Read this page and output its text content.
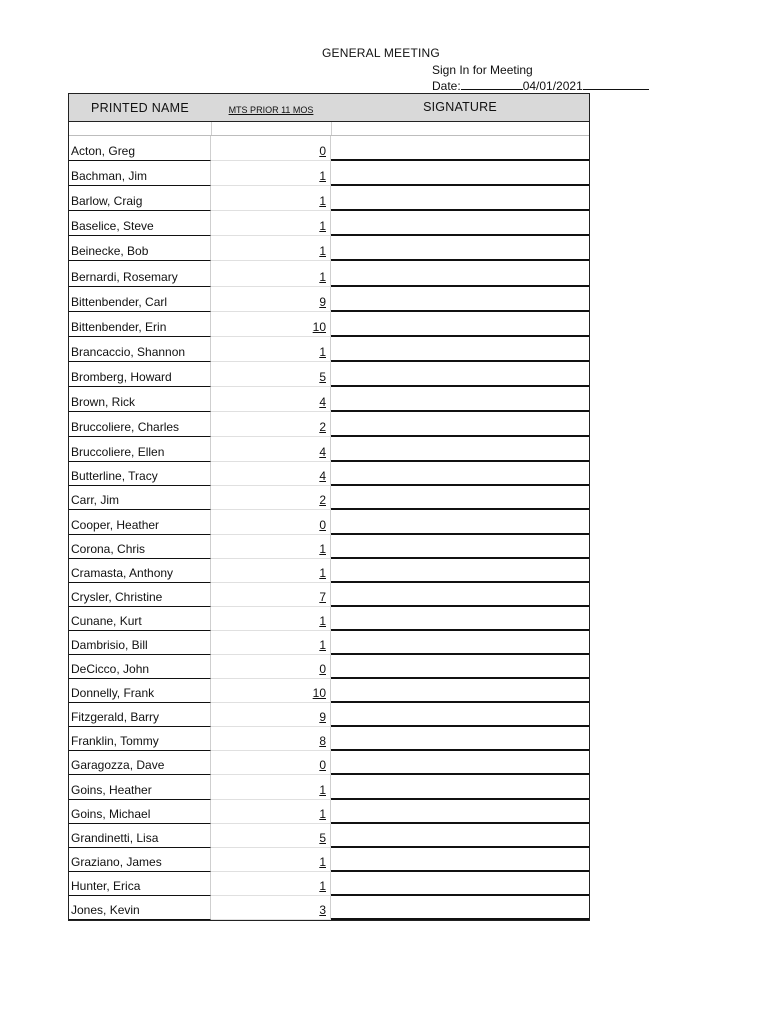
GENERAL MEETING
Sign In for Meeting
Date:	04/01/2021
PRINTED NAME	MTS PRIOR 11 MOS	SIGNATURE
Acton, Greg	0
Bachman, Jim	1
Barlow, Craig	1
Baselice, Steve	1
Beinecke, Bob	1
Bernardi, Rosemary	1
Bittenbender, Carl	9
Bittenbender, Erin	10
Brancaccio, Shannon	1
Bromberg, Howard	5
Brown, Rick	4
Bruccoliere, Charles	2
Bruccoliere, Ellen	4
Butterline, Tracy	4
Carr, Jim	2
Cooper, Heather	0
Corona, Chris	1
Cramasta, Anthony	1
Crysler, Christine	7
Cunane, Kurt	1
Dambrisio, Bill	1
DeCicco, John	0
Donnelly, Frank	10
Fitzgerald, Barry	9
Franklin, Tommy	8
Garagozza, Dave	0
Goins, Heather	1
Goins, Michael	1
Grandinetti, Lisa	5
Graziano, James	1
Hunter, Erica	1
Jones, Kevin	3
